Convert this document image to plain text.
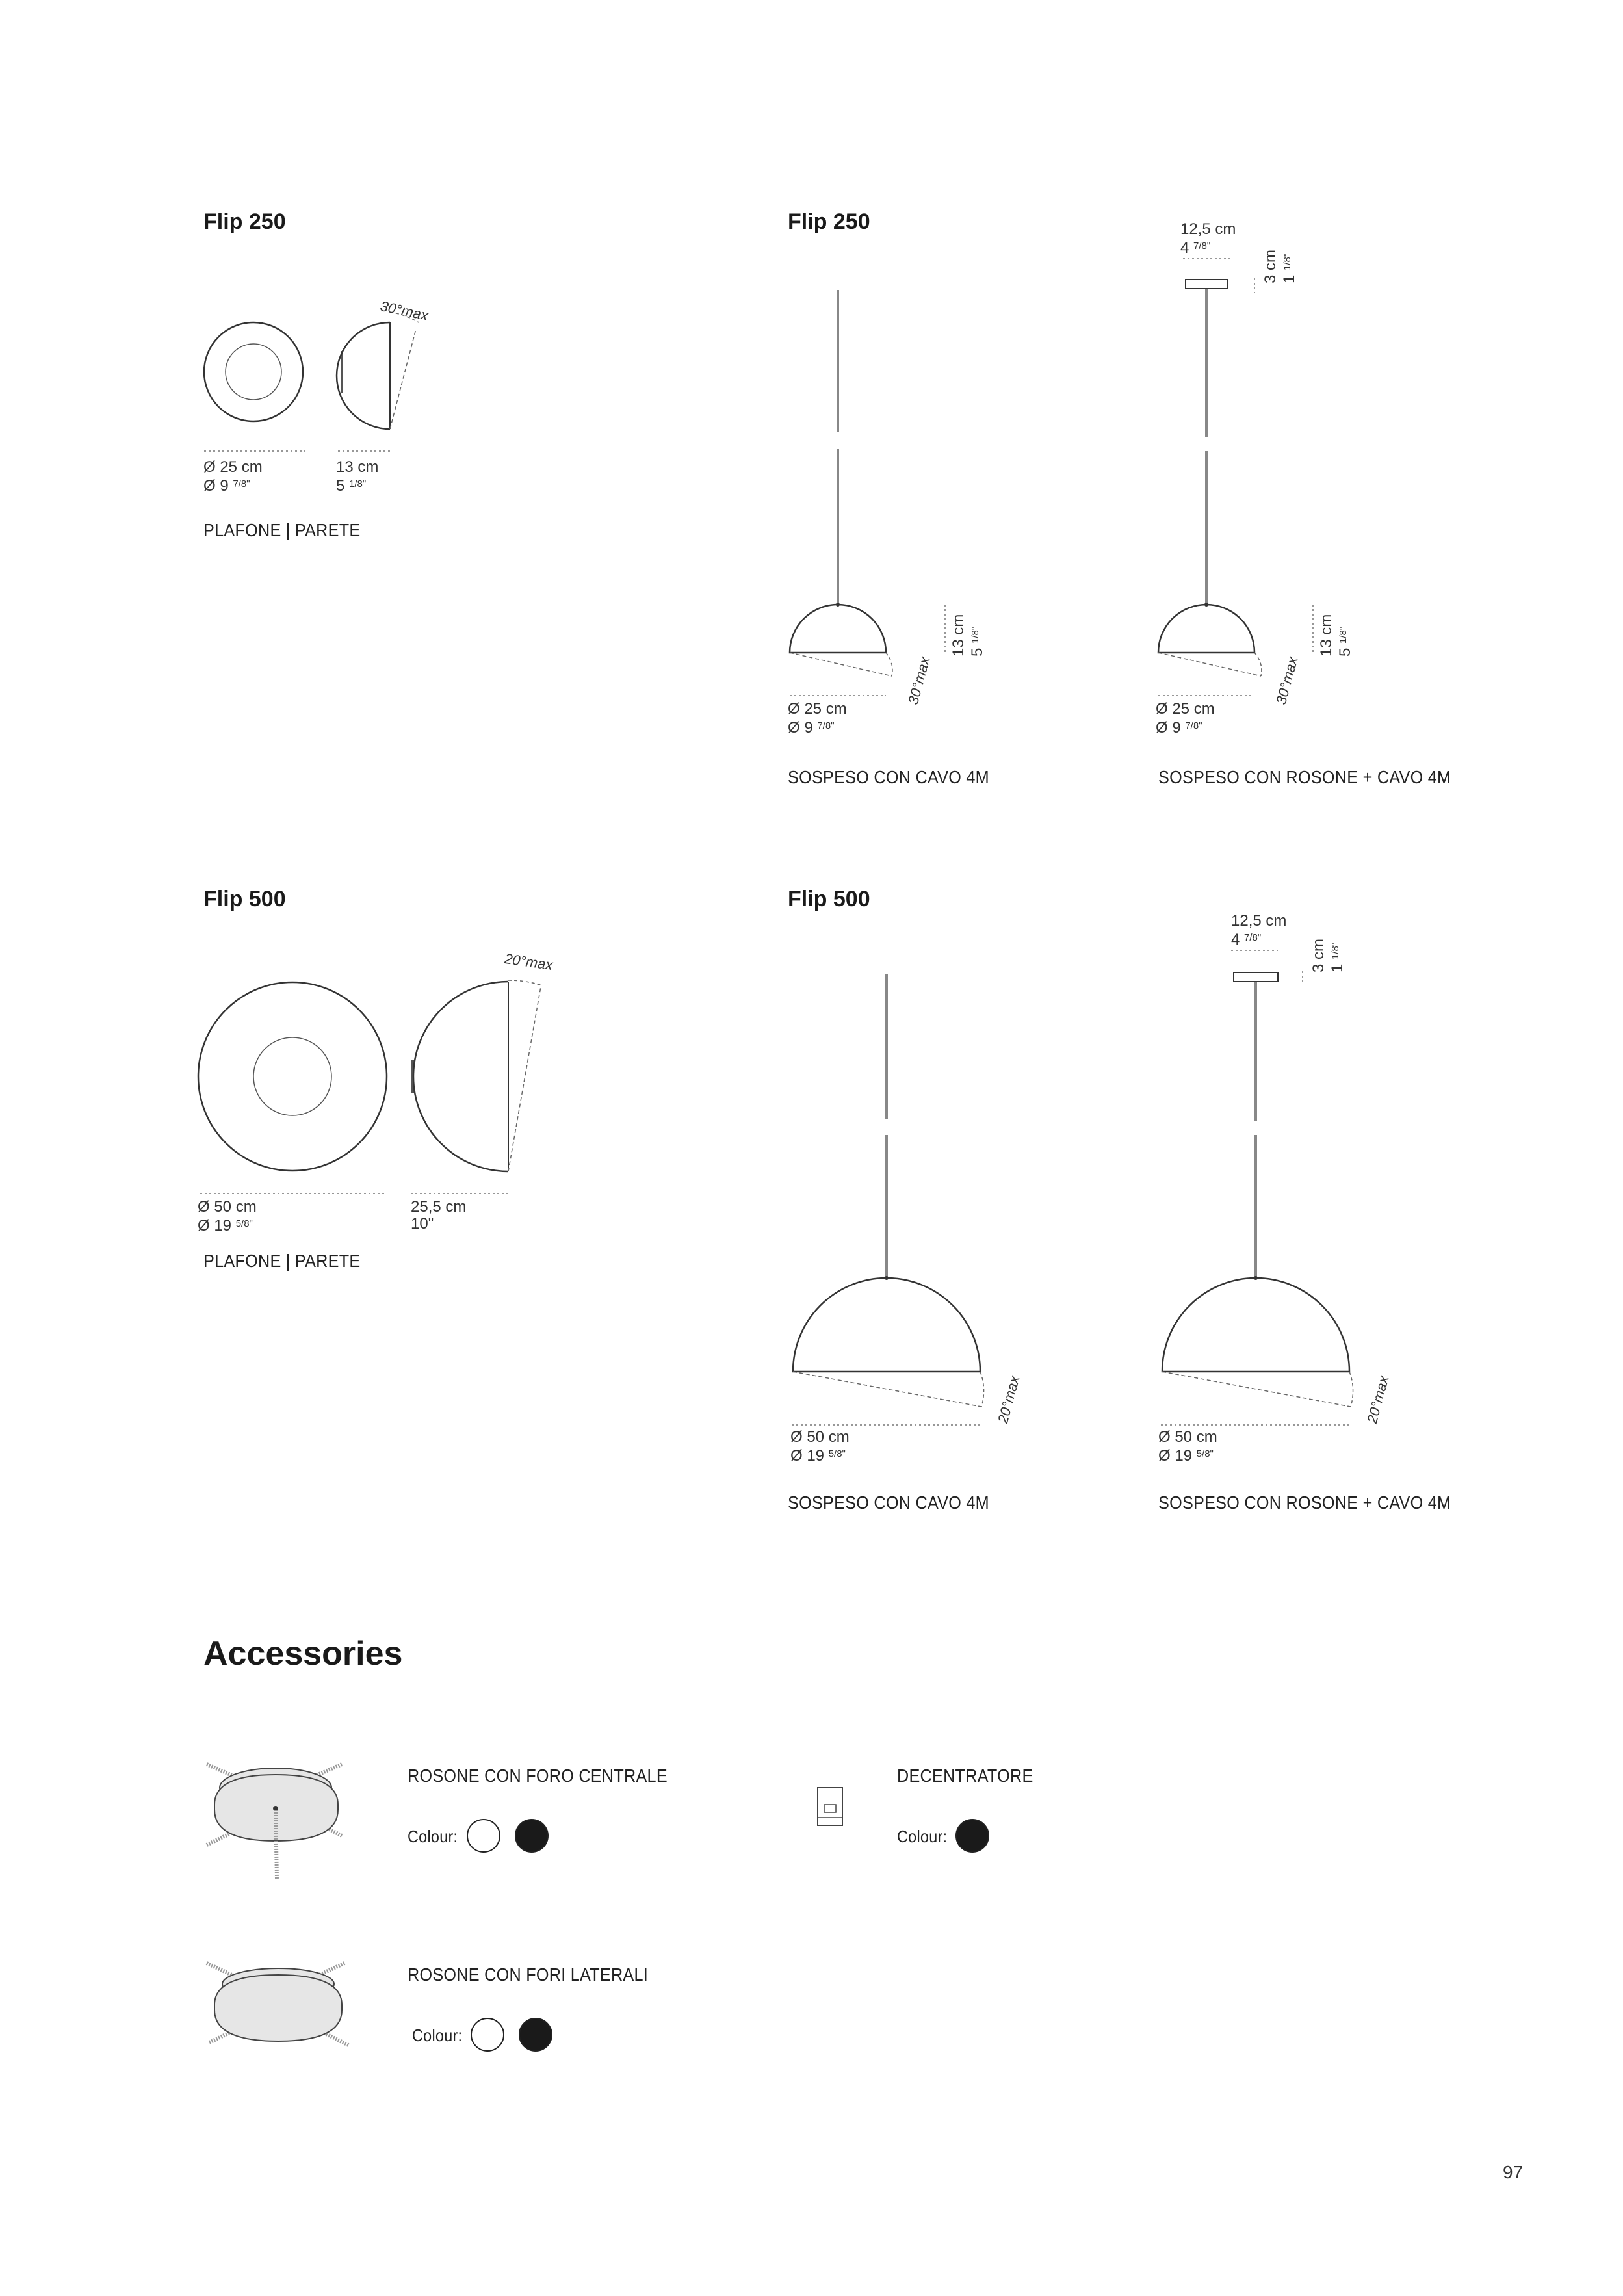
Flip 250
30°max
Ø 25 cm
Ø 9 $^{7/8"}$
13 cm
5 $^{1/8"}$
PLAFONE | PARETE
Flip 250
30°max
13 cm 5 $^{1/8"}$
Ø 25 cm
Ø 9 $^{7/8"}$
SOSPESO CON CAVO 4M
12,5 cm
4 $^{7/8"}$
3 cm 1 $^{1/8"}$
30°max
13 cm 5 $^{1/8"}$
Ø 25 cm
Ø 9 $^{7/8"}$
SOSPESO CON ROSONE + CAVO 4M
Flip 500
20°max
Ø 50 cm
Ø 19 $^{5/8"}$
25,5 cm
10"
PLAFONE | PARETE
Flip 500
20°max
Ø 50 cm
Ø 19 $^{5/8"}$
SOSPESO CON CAVO 4M
12,5 cm
4 $^{7/8"}$
3 cm 1 $^{1/8"}$
20°max
Ø 50 cm
Ø 19 $^{5/8"}$
SOSPESO CON ROSONE + CAVO 4M
Accessories
ROSONE CON FORO CENTRALE
Colour:
DECENTRATORE
Colour:
ROSONE CON FORI LATERALI
Colour:
97
